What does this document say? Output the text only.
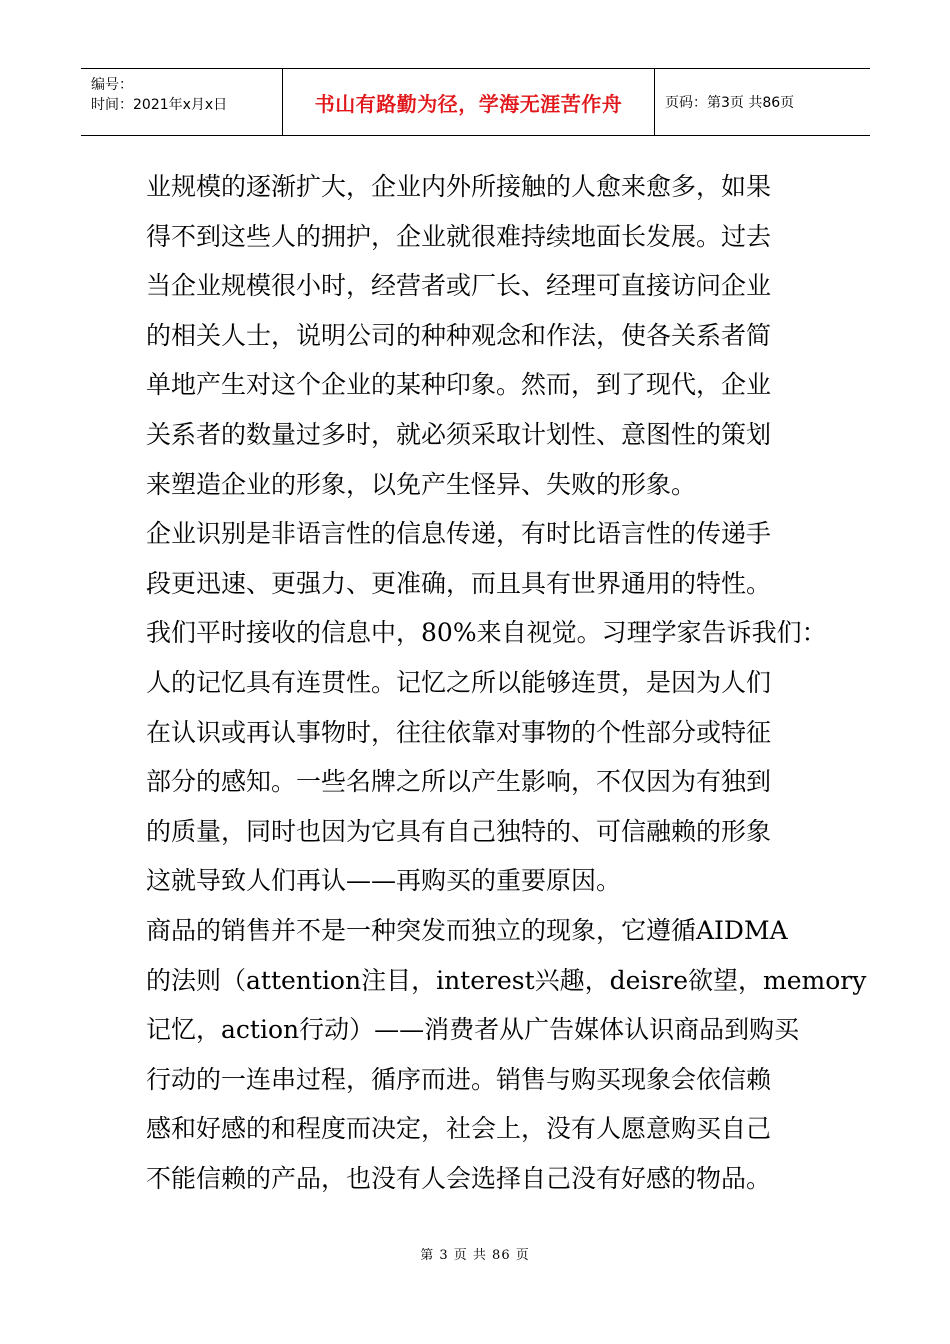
编号：
时间：2021年x月x日	书山有路勤为径，学海无涯苦作舟	页码：第3页 共86页
业规模的逐渐扩大，企业内外所接触的人愈来愈多，如果
得不到这些人的拥护，企业就很难持续地面长发展。过去
当企业规模很小时，经营者或厂长、经理可直接访问企业
的相关人士，说明公司的种种观念和作法，使各关系者简
单地产生对这个企业的某种印象。然而，到了现代，企业
关系者的数量过多时，就必须采取计划性、意图性的策划
来塑造企业的形象，以免产生怪异、失败的形象。
企业识别是非语言性的信息传递，有时比语言性的传递手
段更迅速、更强力、更准确，而且具有世界通用的特性。
我们平时接收的信息中，80%来自视觉。习理学家告诉我们：
人的记忆具有连贯性。记忆之所以能够连贯，是因为人们
在认识或再认事物时，往往依靠对事物的个性部分或特征
部分的感知。一些名牌之所以产生影响，不仅因为有独到
的质量，同时也因为它具有自己独特的、可信融赖的形象
这就导致人们再认——再购买的重要原因。
商品的销售并不是一种突发而独立的现象，它遵循AIDMA
的法则（attention注目，interest兴趣，deisre欲望，memory
记忆，action行动）——消费者从广告媒体认识商品到购买
行动的一连串过程，循序而进。销售与购买现象会依信赖
感和好感的和程度而决定，社会上，没有人愿意购买自己
不能信赖的产品，也没有人会选择自己没有好感的物品。
第 3 页 共 86 页
